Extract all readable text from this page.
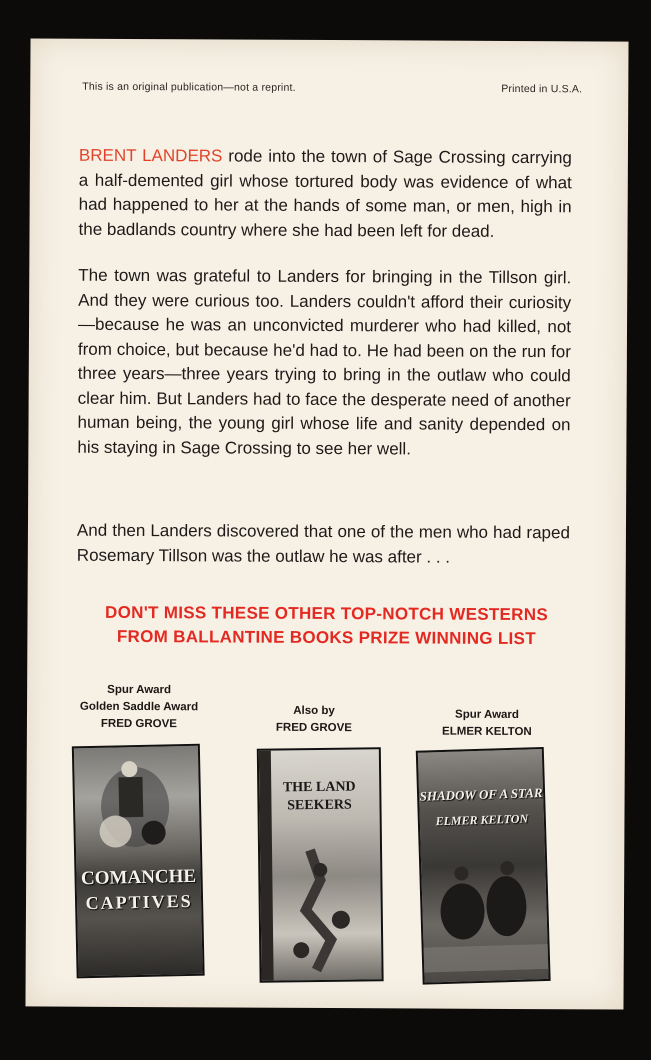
This is an original publication—not a reprint.	Printed in U.S.A.

BRENT LANDERS rode into the town of Sage Crossing carrying a half-demented girl whose tortured body was evidence of what had happened to her at the hands of some man, or men, high in the badlands country where she had been left for dead.

The town was grateful to Landers for bringing in the Tillson girl. And they were curious too. Landers couldn't afford their curiosity—because he was an unconvicted murderer who had killed, not from choice, but because he'd had to. He had been on the run for three years—three years trying to bring in the outlaw who could clear him. But Landers had to face the desperate need of another human being, the young girl whose life and sanity depended on his staying in Sage Crossing to see her well.

And then Landers discovered that one of the men who had raped Rosemary Tillson was the outlaw he was after . . .

DON'T MISS THESE OTHER TOP-NOTCH WESTERNS
FROM BALLANTINE BOOKS PRIZE WINNING LIST
Spur Award
Golden Saddle Award
FRED GROVE
COMANCHE
CAPTIVES
Also by
FRED GROVE
THE LAND
SEEKERS
Spur Award
ELMER KELTON
SHADOW OF A STAR
ELMER KELTON
